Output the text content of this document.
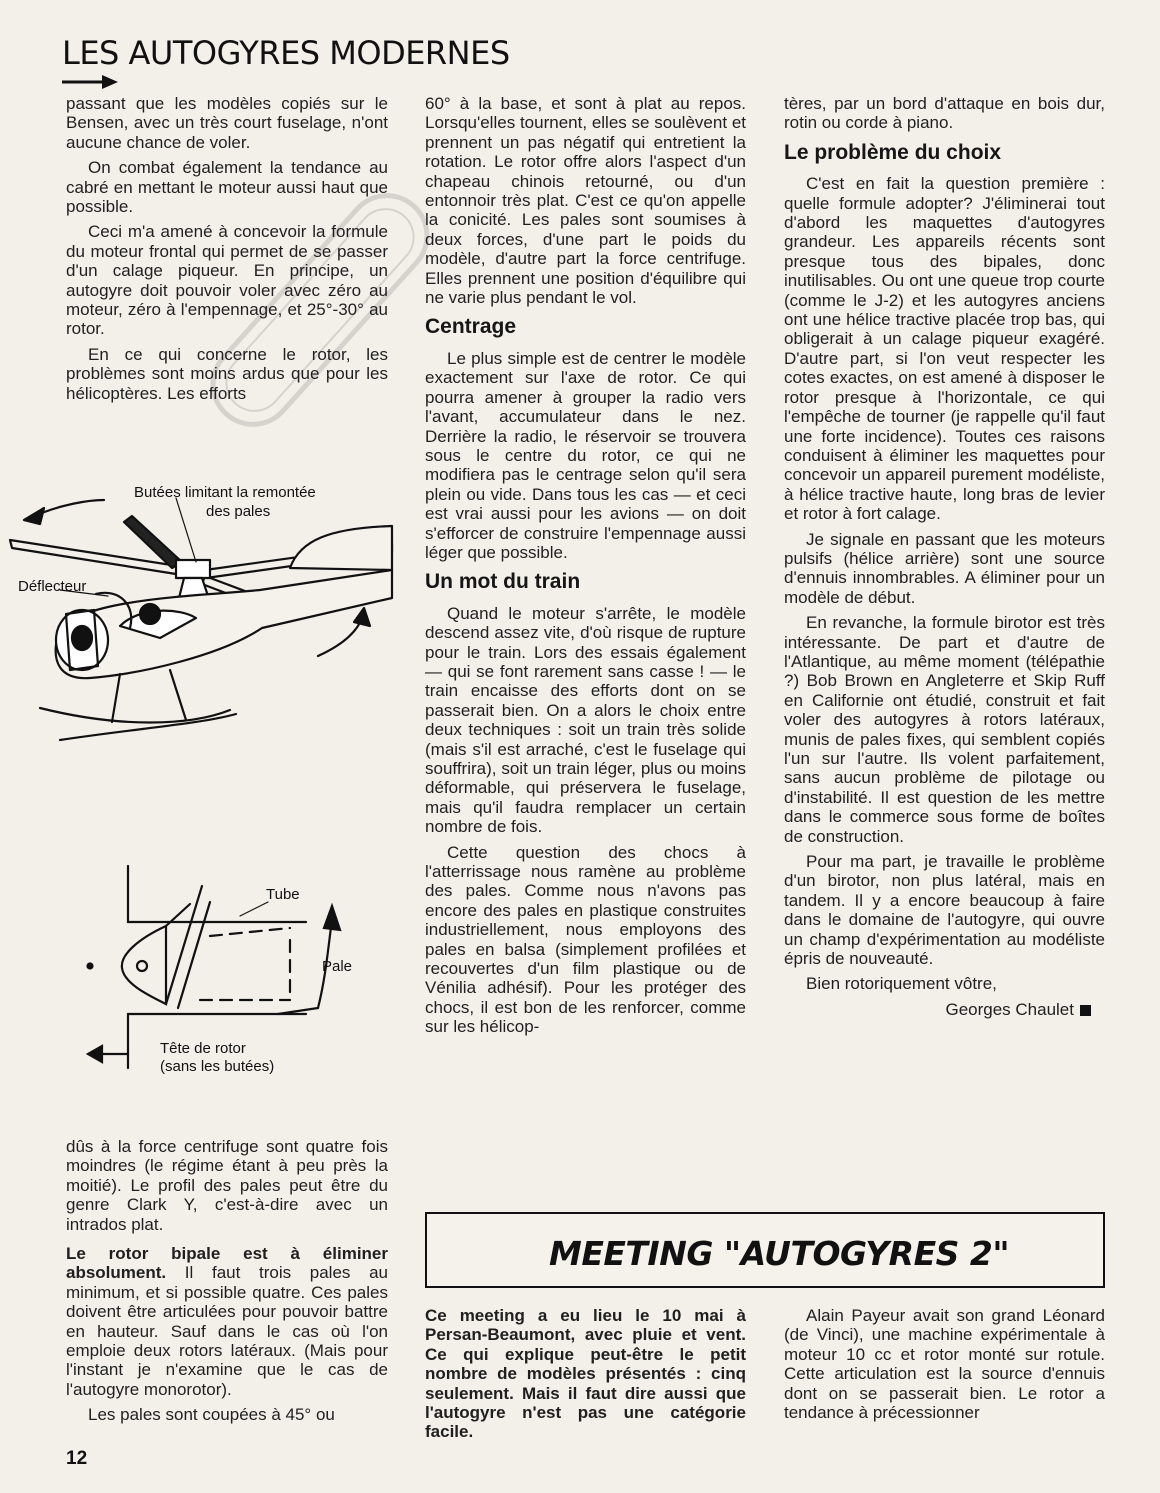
LES AUTOGYRES MODERNES

passant que les modèles copiés sur le Bensen, avec un très court fuselage, n'ont aucune chance de voler.

On combat également la tendance au cabré en mettant le moteur aussi haut que possible.

Ceci m'a amené à concevoir la formule du moteur frontal qui permet de se passer d'un calage piqueur. En principe, un autogyre doit pouvoir voler avec zéro au moteur, zéro à l'empennage, et 25°-30° au rotor.

En ce qui concerne le rotor, les problèmes sont moins ardus que pour les hélicoptères. Les efforts

Butées limitant la remontée
des pales
Déflecteur
Tube
Pale
Tête de rotor
(sans les butées)

dûs à la force centrifuge sont quatre fois moindres (le régime étant à peu près la moitié). Le profil des pales peut être du genre Clark Y, c'est-à-dire avec un intrados plat.

Le rotor bipale est à éliminer absolument. Il faut trois pales au minimum, et si possible quatre. Ces pales doivent être articulées pour pouvoir battre en hauteur. Sauf dans le cas où l'on emploie deux rotors latéraux. (Mais pour l'instant je n'examine que le cas de l'autogyre monorotor).

Les pales sont coupées à 45° ou

60° à la base, et sont à plat au repos. Lorsqu'elles tournent, elles se soulèvent et prennent un pas négatif qui entretient la rotation. Le rotor offre alors l'aspect d'un chapeau chinois retourné, ou d'un entonnoir très plat. C'est ce qu'on appelle la conicité. Les pales sont soumises à deux forces, d'une part le poids du modèle, d'autre part la force centrifuge. Elles prennent une position d'équilibre qui ne varie plus pendant le vol.

Centrage

Le plus simple est de centrer le modèle exactement sur l'axe de rotor. Ce qui pourra amener à grouper la radio vers l'avant, accumulateur dans le nez. Derrière la radio, le réservoir se trouvera sous le centre du rotor, ce qui ne modifiera pas le centrage selon qu'il sera plein ou vide. Dans tous les cas — et ceci est vrai aussi pour les avions — on doit s'efforcer de construire l'empennage aussi léger que possible.

Un mot du train

Quand le moteur s'arrête, le modèle descend assez vite, d'où risque de rupture pour le train. Lors des essais également — qui se font rarement sans casse ! — le train encaisse des efforts dont on se passerait bien. On a alors le choix entre deux techniques : soit un train très solide (mais s'il est arraché, c'est le fuselage qui souffrira), soit un train léger, plus ou moins déformable, qui préservera le fuselage, mais qu'il faudra remplacer un certain nombre de fois.

Cette question des chocs à l'atterrissage nous ramène au problème des pales. Comme nous n'avons pas encore des pales en plastique construites industriellement, nous employons des pales en balsa (simplement profilées et recouvertes d'un film plastique ou de Vénilia adhésif). Pour les protéger des chocs, il est bon de les renforcer, comme sur les hélicop-

tères, par un bord d'attaque en bois dur, rotin ou corde à piano.

Le problème du choix

C'est en fait la question première : quelle formule adopter? J'éliminerai tout d'abord les maquettes d'autogyres grandeur. Les appareils récents sont presque tous des bipales, donc inutilisables. Ou ont une queue trop courte (comme le J-2) et les autogyres anciens ont une hélice tractive placée trop bas, qui obligerait à un calage piqueur exagéré. D'autre part, si l'on veut respecter les cotes exactes, on est amené à disposer le rotor presque à l'horizontale, ce qui l'empêche de tourner (je rappelle qu'il faut une forte incidence). Toutes ces raisons conduisent à éliminer les maquettes pour concevoir un appareil purement modéliste, à hélice tractive haute, long bras de levier et rotor à fort calage.

Je signale en passant que les moteurs pulsifs (hélice arrière) sont une source d'ennuis innombrables. A éliminer pour un modèle de début.

En revanche, la formule birotor est très intéressante. De part et d'autre de l'Atlantique, au même moment (télépathie ?) Bob Brown en Angleterre et Skip Ruff en Californie ont étudié, construit et fait voler des autogyres à rotors latéraux, munis de pales fixes, qui semblent copiés l'un sur l'autre. Ils volent parfaitement, sans aucun problème de pilotage ou d'instabilité. Il est question de les mettre dans le commerce sous forme de boîtes de construction.

Pour ma part, je travaille le problème d'un birotor, non plus latéral, mais en tandem. Il y a encore beaucoup à faire dans le domaine de l'autogyre, qui ouvre un champ d'expérimentation au modéliste épris de nouveauté.

Bien rotoriquement vôtre,

Georges Chaulet
MEETING "AUTOGYRES 2"

Ce meeting a eu lieu le 10 mai à Persan-Beaumont, avec pluie et vent. Ce qui explique peut-être le petit nombre de modèles présentés : cinq seulement. Mais il faut dire aussi que l'autogyre n'est pas une catégorie facile.

Alain Payeur avait son grand Léonard (de Vinci), une machine expérimentale à moteur 10 cc et rotor monté sur rotule. Cette articulation est la source d'ennuis dont on se passerait bien. Le rotor a tendance à précessionner

12
